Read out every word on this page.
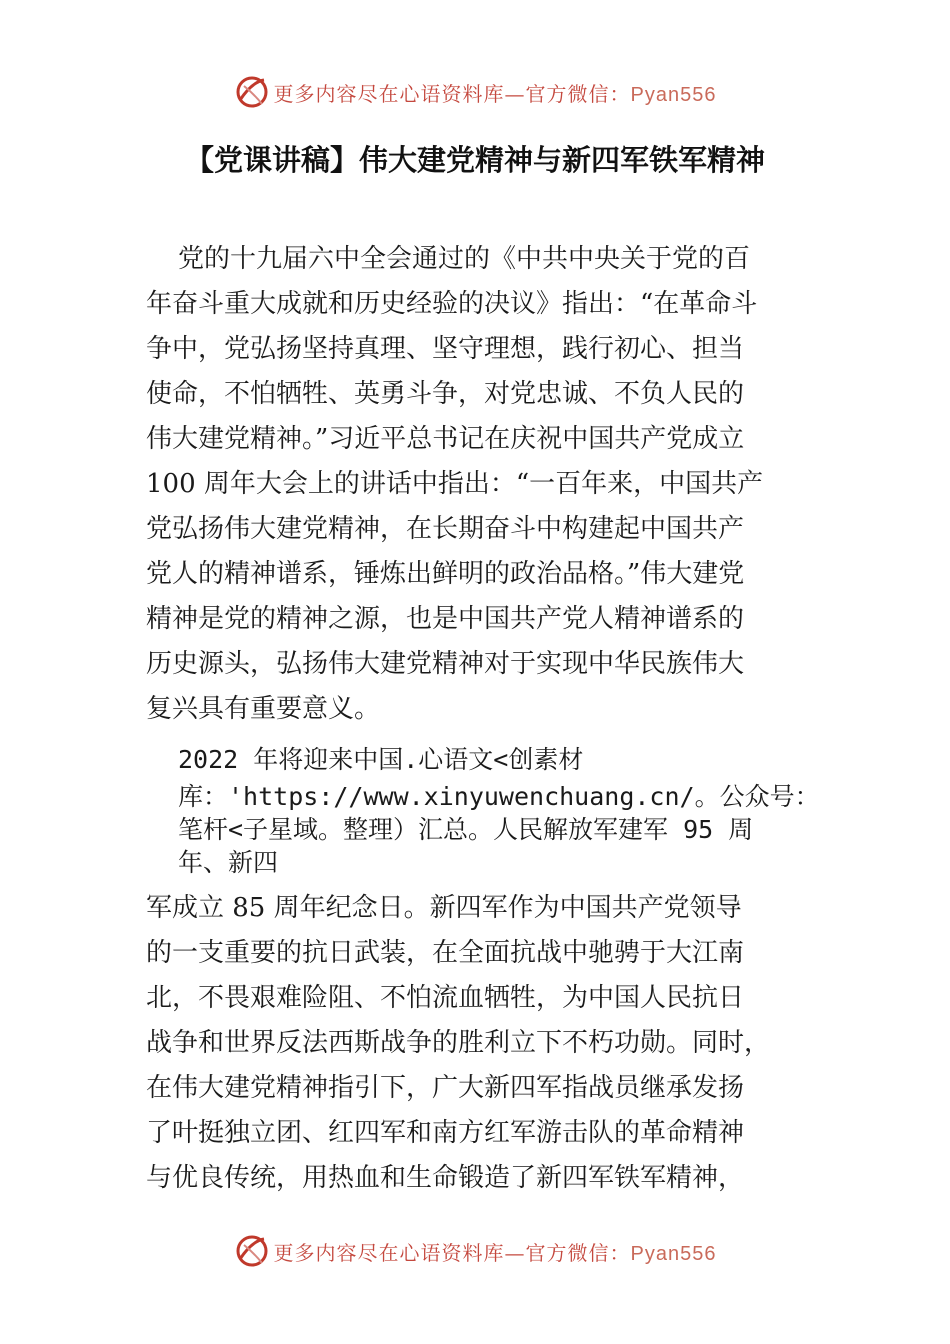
更多内容尽在心语资料库—官方微信：Pyan556
【党课讲稿】伟大建党精神与新四军铁军精神
党的十九届六中全会通过的《中共中央关于党的百
年奋斗重大成就和历史经验的决议》指出：“在革命斗
争中，党弘扬坚持真理、坚守理想，践行初心、担当
使命，不怕牺牲、英勇斗争，对党忠诚、不负人民的
伟大建党精神。”习近平总书记在庆祝中国共产党成立
100 周年大会上的讲话中指出：“一百年来，中国共产
党弘扬伟大建党精神，在长期奋斗中构建起中国共产
党人的精神谱系，锤炼出鲜明的政治品格。”伟大建党
精神是党的精神之源，也是中国共产党人精神谱系的
历史源头，弘扬伟大建党精神对于实现中华民族伟大
复兴具有重要意义。
2022 年将迎来中国.心语文<创素材
库：'https://www.xinyuwenchuang.cn/。公众号：
笔杆<子星域。整理）汇总。人民解放军建军 95 周
年、新四
军成立 85 周年纪念日。新四军作为中国共产党领导
的一支重要的抗日武装，在全面抗战中驰骋于大江南
北，不畏艰难险阻、不怕流血牺牲，为中国人民抗日
战争和世界反法西斯战争的胜利立下不朽功勋。同时，
在伟大建党精神指引下，广大新四军指战员继承发扬
了叶挺独立团、红四军和南方红军游击队的革命精神
与优良传统，用热血和生命锻造了新四军铁军精神，
更多内容尽在心语资料库—官方微信：Pyan556
